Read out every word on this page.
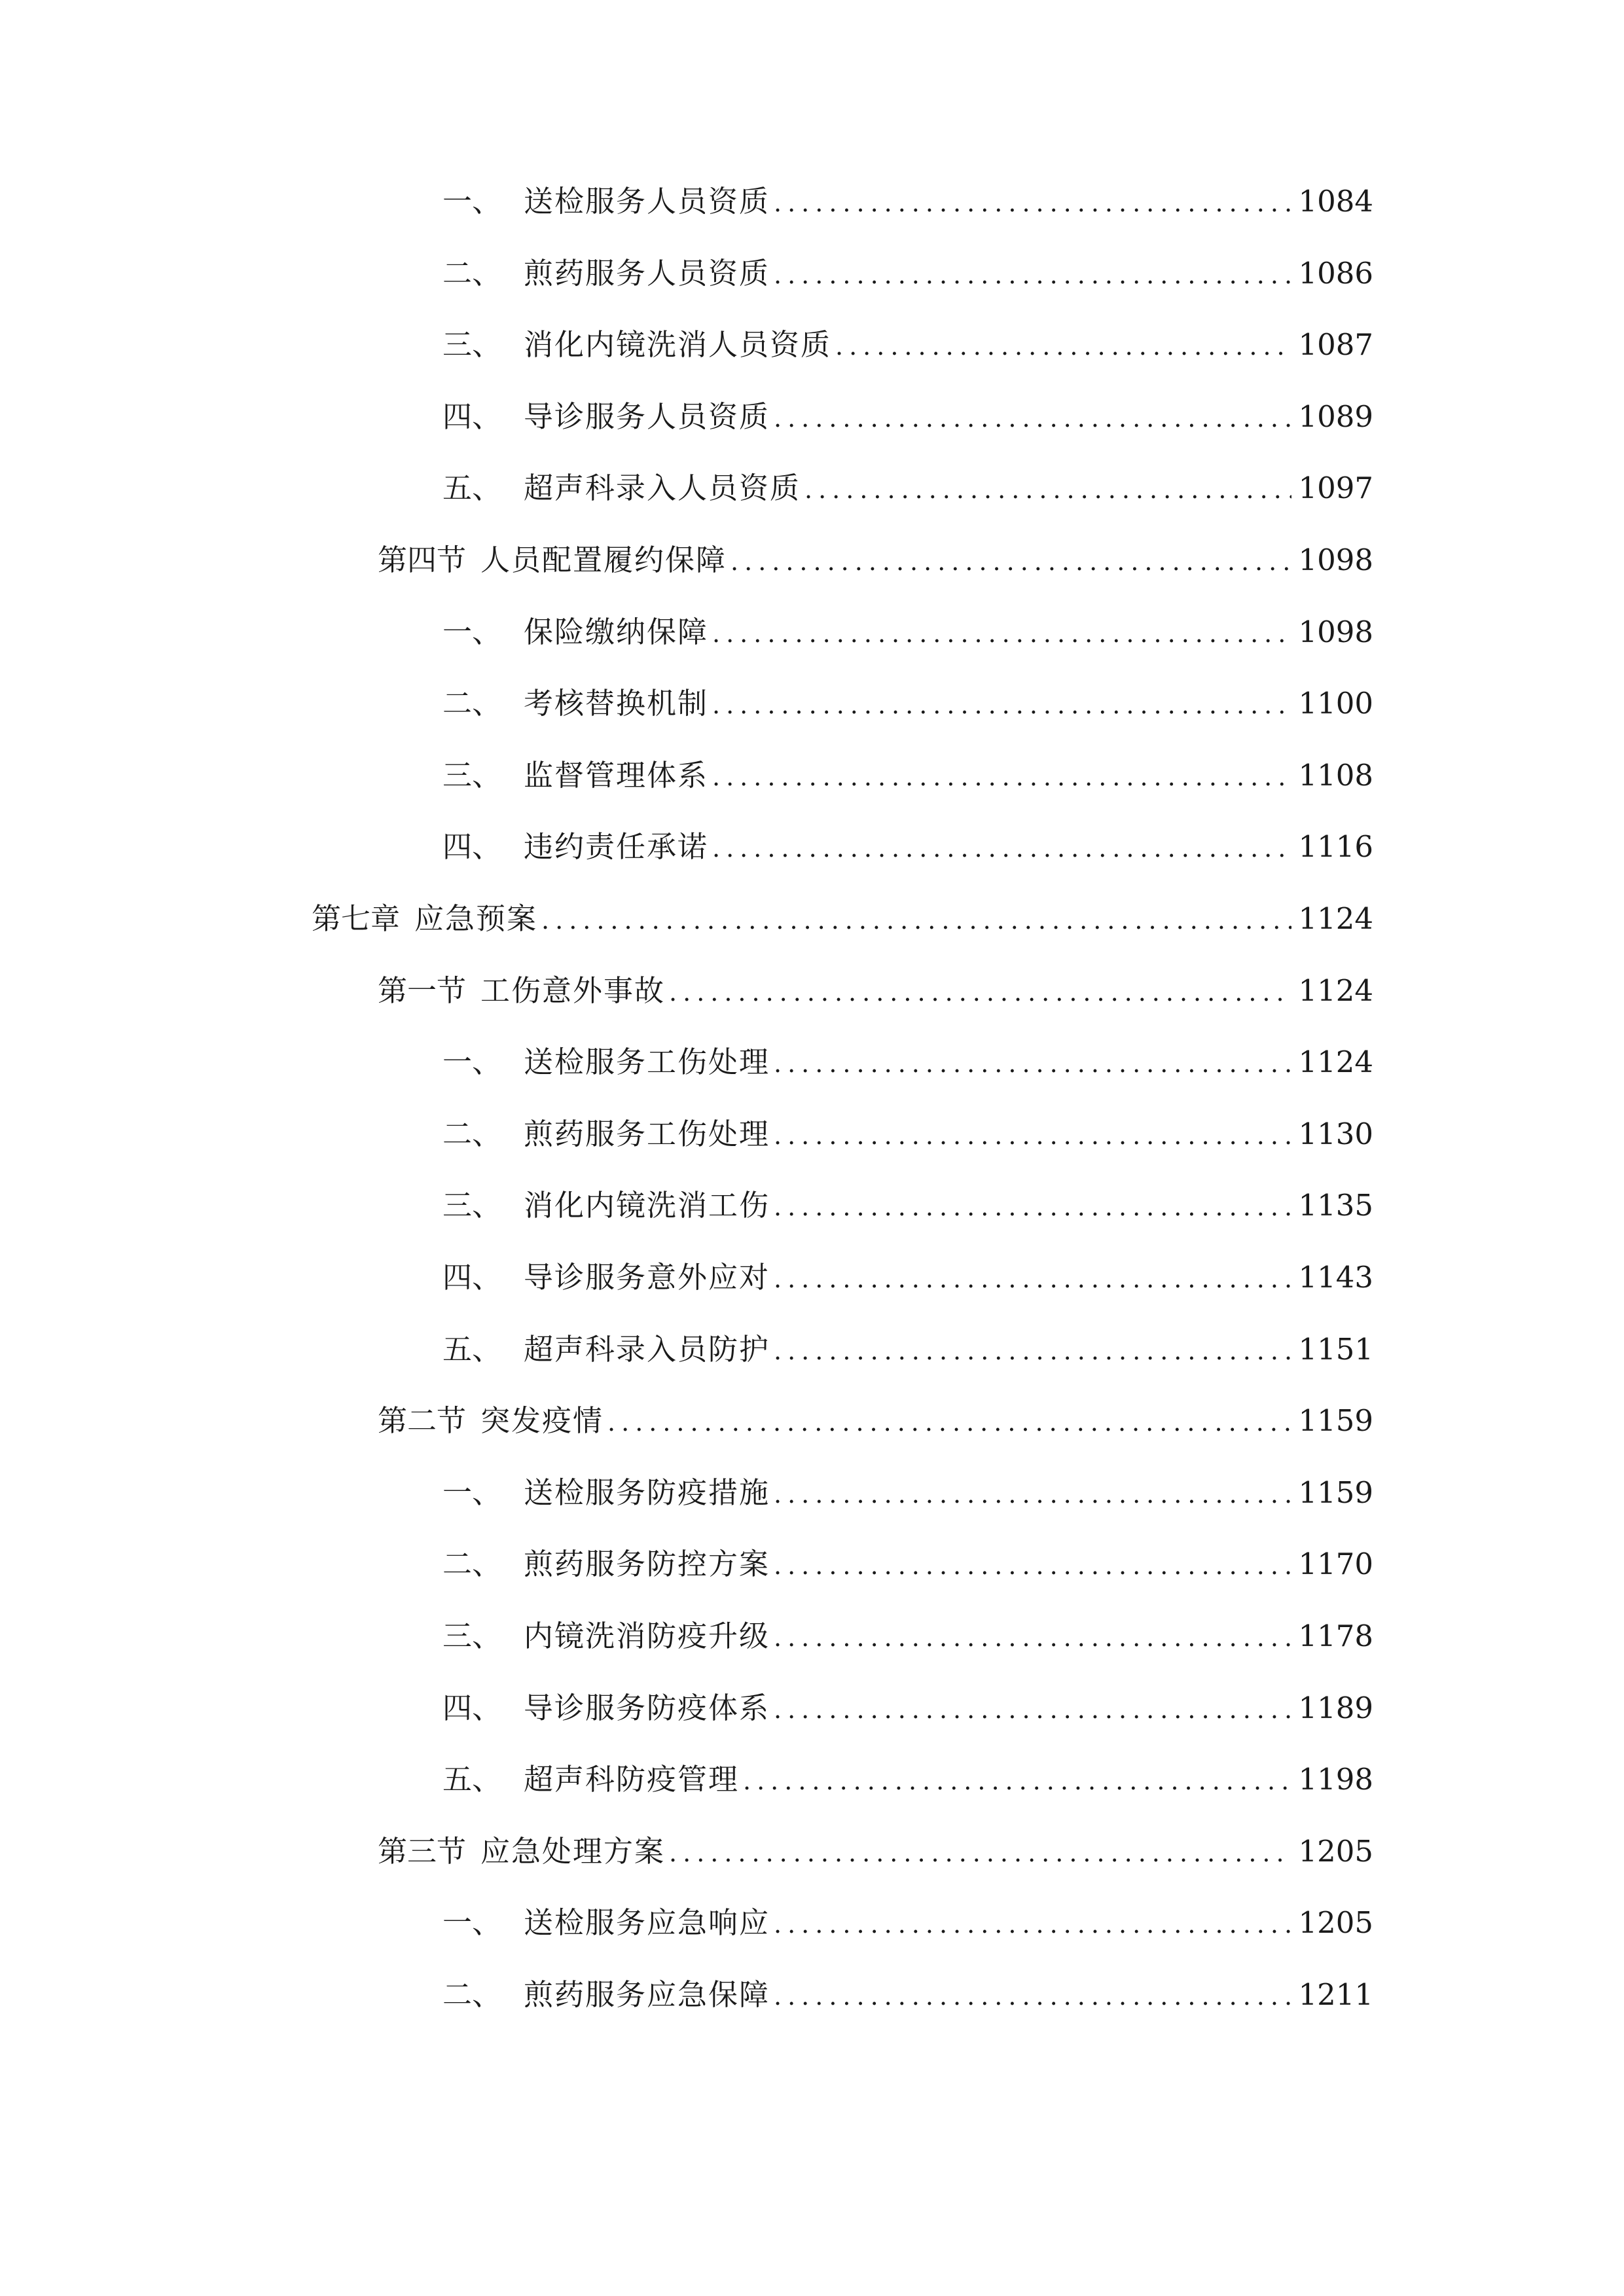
一、 送检服务人员资质 .....	1084
二、 煎药服务人员资质 .....	1086
三、 消化内镜洗消人员资质 .....	1087
四、 导诊服务人员资质 .....	1089
五、 超声科录入人员资质 .....	1097
第四节 人员配置履约保障 .....	1098
一、 保险缴纳保障 .....	1098
二、 考核替换机制 .....	1100
三、 监督管理体系 .....	1108
四、 违约责任承诺 .....	1116
第七章 应急预案 .....	1124
第一节 工伤意外事故 .....	1124
一、 送检服务工伤处理 .....	1124
二、 煎药服务工伤处理 .....	1130
三、 消化内镜洗消工伤 .....	1135
四、 导诊服务意外应对 .....	1143
五、 超声科录入员防护 .....	1151
第二节 突发疫情 .....	1159
一、 送检服务防疫措施 .....	1159
二、 煎药服务防控方案 .....	1170
三、 内镜洗消防疫升级 .....	1178
四、 导诊服务防疫体系 .....	1189
五、 超声科防疫管理 .....	1198
第三节 应急处理方案 .....	1205
一、 送检服务应急响应 .....	1205
二、 煎药服务应急保障 .....	1211
